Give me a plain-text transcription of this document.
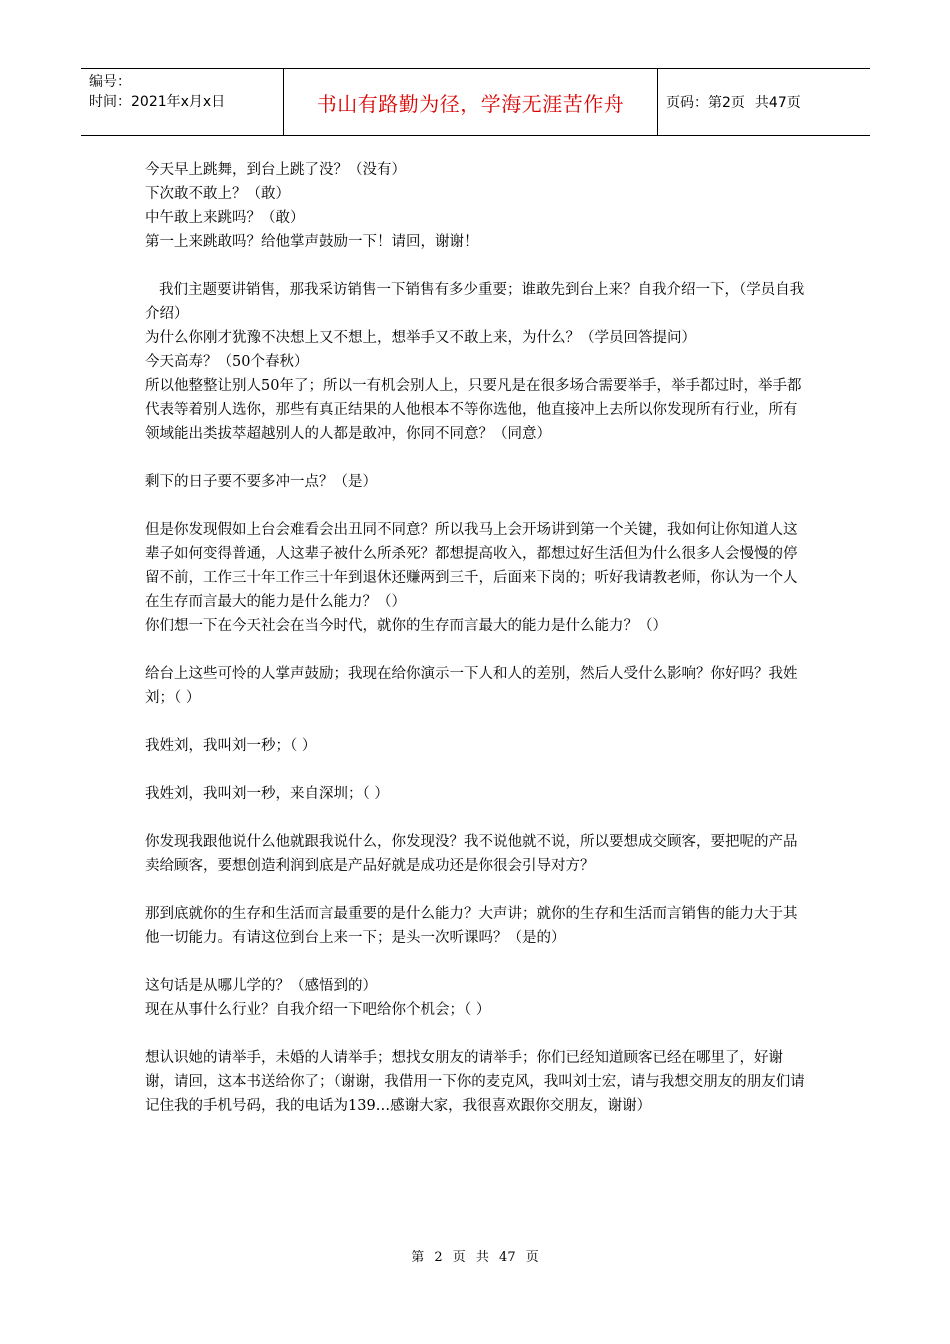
编号：
时间：2021年x月x日	书山有路勤为径，学海无涯苦作舟	页码：第2页 共47页

今天早上跳舞，到台上跳了没？（没有）

下次敢不敢上？（敢）

中午敢上来跳吗？（敢）

第一上来跳敢吗？给他掌声鼓励一下！请回，谢谢！

我们主题要讲销售，那我采访销售一下销售有多少重要；谁敢先到台上来？自我介绍一下，（学员自我介绍）

为什么你刚才犹豫不决想上又不想上，想举手又不敢上来，为什么？（学员回答提问）

今天高寿？（50个春秋）

所以他整整让别人50年了；所以一有机会别人上，只要凡是在很多场合需要举手，举手都过时，举手都代表等着别人选你，那些有真正结果的人他根本不等你选他，他直接冲上去所以你发现所有行业，所有领域能出类拔萃超越别人的人都是敢冲，你同不同意？（同意）

剩下的日子要不要多冲一点？（是）

但是你发现假如上台会难看会出丑同不同意？所以我马上会开场讲到第一个关键，我如何让你知道人这辈子如何变得普通，人这辈子被什么所杀死？都想提高收入，都想过好生活但为什么很多人会慢慢的停留不前，工作三十年工作三十年到退休还赚两到三千，后面来下岗的；听好我请教老师，你认为一个人在生存而言最大的能力是什么能力？（）

你们想一下在今天社会在当今时代，就你的生存而言最大的能力是什么能力？（）

给台上这些可怜的人掌声鼓励；我现在给你演示一下人和人的差别，然后人受什么影响？你好吗？我姓刘；（ ）

我姓刘，我叫刘一秒；（ ）

我姓刘，我叫刘一秒，来自深圳；（ ）

你发现我跟他说什么他就跟我说什么，你发现没？我不说他就不说，所以要想成交顾客，要把呢的产品卖给顾客，要想创造利润到底是产品好就是成功还是你很会引导对方？

那到底就你的生存和生活而言最重要的是什么能力？大声讲；就你的生存和生活而言销售的能力大于其他一切能力。有请这位到台上来一下；是头一次听课吗？（是的）

这句话是从哪儿学的？（感悟到的）

现在从事什么行业？自我介绍一下吧给你个机会；（ ）

想认识她的请举手，未婚的人请举手；想找女朋友的请举手；你们已经知道顾客已经在哪里了，好谢谢，请回，这本书送给你了；（谢谢，我借用一下你的麦克风，我叫刘士宏，请与我想交朋友的朋友们请记住我的手机号码，我的电话为139…感谢大家，我很喜欢跟你交朋友，谢谢）

第 2 页 共 47 页
